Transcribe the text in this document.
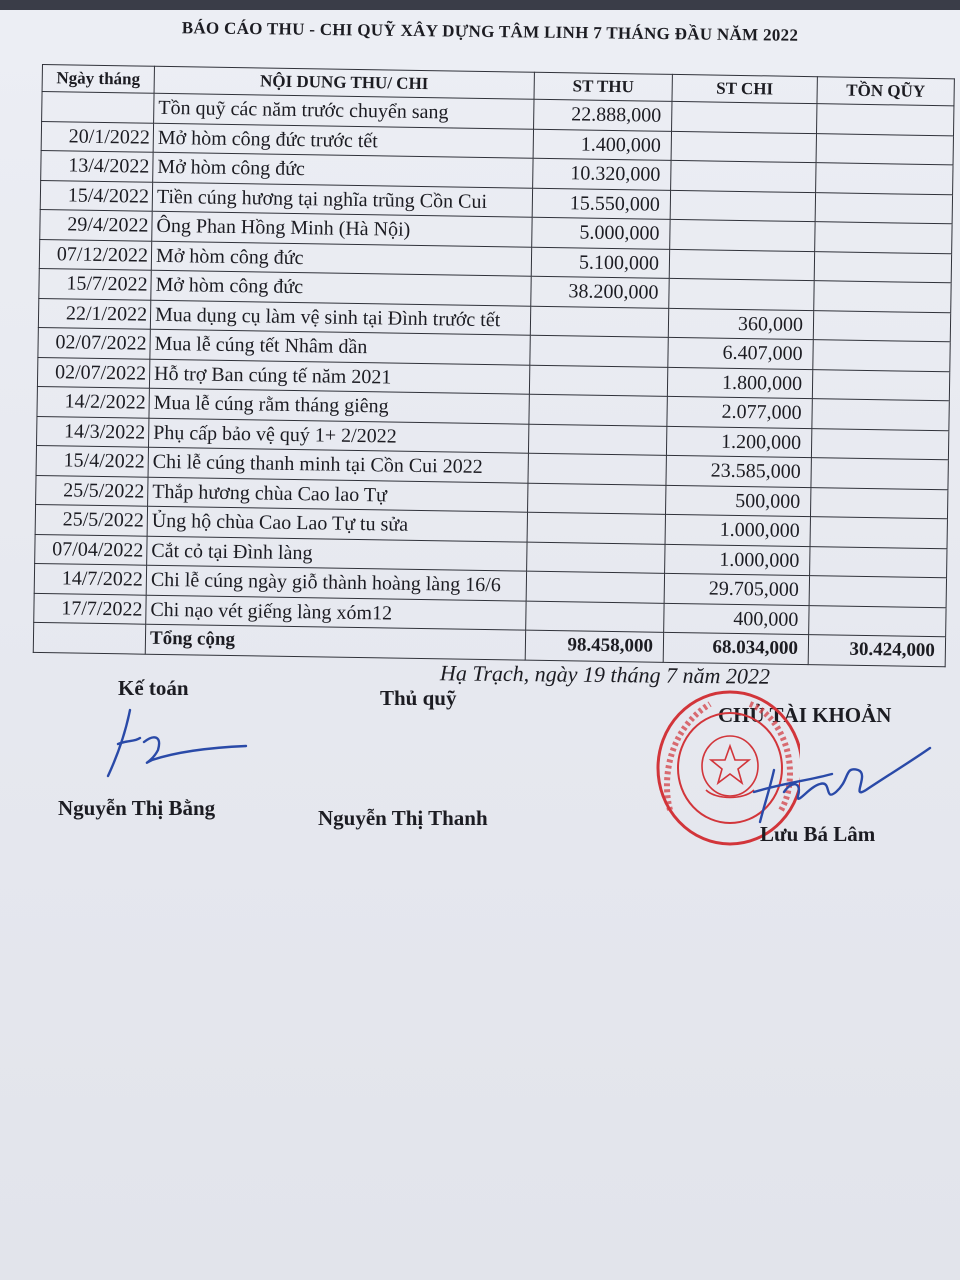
BÁO CÁO THU - CHI QUỸ XÂY DỰNG TÂM LINH 7 THÁNG ĐẦU NĂM 2022
Ngày tháng	NỘI DUNG THU/ CHI	ST THU	ST CHI	TỒN QŨY
	Tồn quỹ các năm trước chuyển sang	22.888,000		
20/1/2022	Mở hòm công đức trước tết	1.400,000		
13/4/2022	Mở hòm công đức	10.320,000		
15/4/2022	Tiền cúng hương tại nghĩa trũng Cồn Cui	15.550,000		
29/4/2022	Ông Phan Hồng Minh (Hà Nội)	5.000,000		
07/12/2022	Mở hòm công đức	5.100,000		
15/7/2022	Mở hòm công đức	38.200,000		
22/1/2022	Mua dụng cụ làm vệ sinh tại Đình trước tết		360,000	
02/07/2022	Mua lễ cúng tết Nhâm dần		6.407,000	
02/07/2022	Hỗ trợ Ban cúng tế năm 2021		1.800,000	
14/2/2022	Mua lễ cúng rằm tháng giêng		2.077,000	
14/3/2022	Phụ cấp bảo vệ quý 1+ 2/2022		1.200,000	
15/4/2022	Chi lễ cúng thanh minh tại Cồn Cui 2022		23.585,000	
25/5/2022	Thắp hương chùa Cao lao Tự		500,000	
25/5/2022	Ủng hộ chùa Cao Lao Tự tu sửa		1.000,000	
07/04/2022	Cắt cỏ tại Đình làng		1.000,000	
14/7/2022	Chi lễ cúng ngày giỗ thành hoàng làng 16/6		29.705,000	
17/7/2022	Chi nạo vét giếng làng xóm12		400,000	
	Tổng cộng	98.458,000	68.034,000	30.424,000
Hạ Trạch, ngày 19 tháng 7 năm 2022
Kế toán	Thủ quỹ
CHỦ TÀI KHOẢN
Nguyễn Thị Bằng	Nguyễn Thị Thanh
Lưu Bá Lâm
